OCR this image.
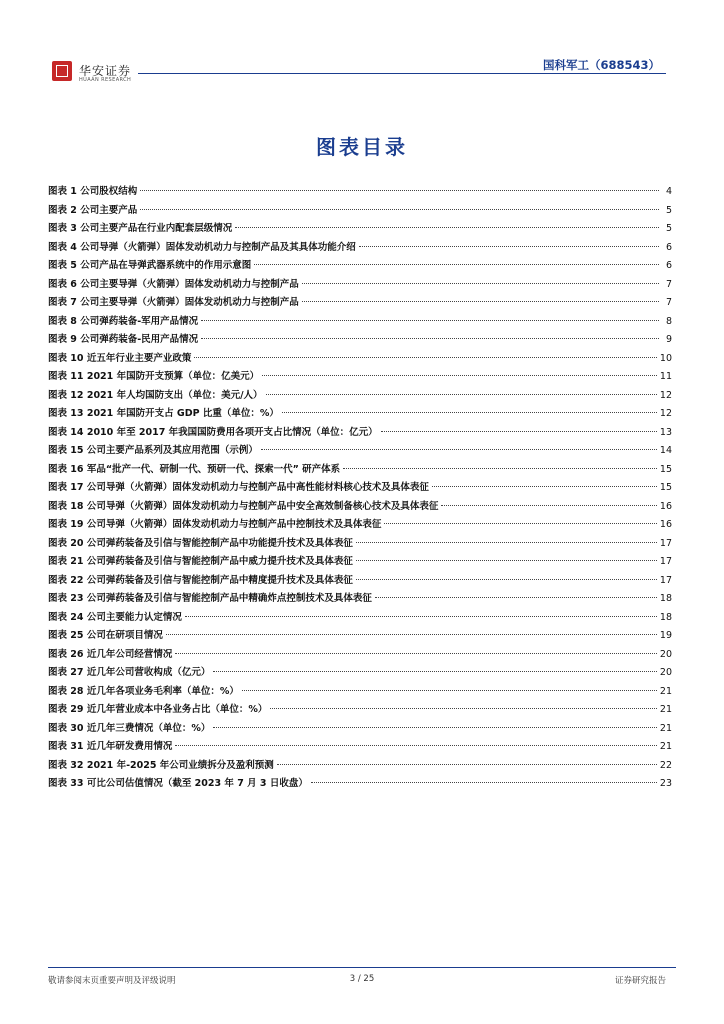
华安证券
HUAAN RESEARCH
国科军工（688543）
图表目录
图表 1 公司股权结构	4
图表 2 公司主要产品	5
图表 3 公司主要产品在行业内配套层级情况	5
图表 4 公司导弹（火箭弹）固体发动机动力与控制产品及其具体功能介绍	6
图表 5 公司产品在导弹武器系统中的作用示意图	6
图表 6 公司主要导弹（火箭弹）固体发动机动力与控制产品	7
图表 7 公司主要导弹（火箭弹）固体发动机动力与控制产品	7
图表 8 公司弹药装备-军用产品情况	8
图表 9 公司弹药装备-民用产品情况	9
图表 10 近五年行业主要产业政策	10
图表 11 2021 年国防开支预算（单位：亿美元）	11
图表 12 2021 年人均国防支出（单位：美元/人）	12
图表 13 2021 年国防开支占 GDP 比重（单位：%）	12
图表 14 2010 年至 2017 年我国国防费用各项开支占比情况（单位：亿元）	13
图表 15 公司主要产品系列及其应用范围（示例）	14
图表 16 军品“批产一代、研制一代、预研一代、探索一代” 研产体系	15
图表 17 公司导弹（火箭弹）固体发动机动力与控制产品中高性能材料核心技术及具体表征	15
图表 18 公司导弹（火箭弹）固体发动机动力与控制产品中安全高效制备核心技术及具体表征	16
图表 19 公司导弹（火箭弹）固体发动机动力与控制产品中控制技术及具体表征	16
图表 20 公司弹药装备及引信与智能控制产品中功能提升技术及具体表征	17
图表 21 公司弹药装备及引信与智能控制产品中威力提升技术及具体表征	17
图表 22 公司弹药装备及引信与智能控制产品中精度提升技术及具体表征	17
图表 23 公司弹药装备及引信与智能控制产品中精确炸点控制技术及具体表征	18
图表 24 公司主要能力认定情况	18
图表 25 公司在研项目情况	19
图表 26 近几年公司经营情况	20
图表 27 近几年公司营收构成（亿元）	20
图表 28 近几年各项业务毛利率（单位：%）	21
图表 29 近几年营业成本中各业务占比（单位：%）	21
图表 30 近几年三费情况（单位：%）	21
图表 31 近几年研发费用情况	21
图表 32 2021 年-2025 年公司业绩拆分及盈利预测	22
图表 33 可比公司估值情况（截至 2023 年 7 月 3 日收盘）	23
敬请参阅末页重要声明及评级说明	3 / 25	证券研究报告
